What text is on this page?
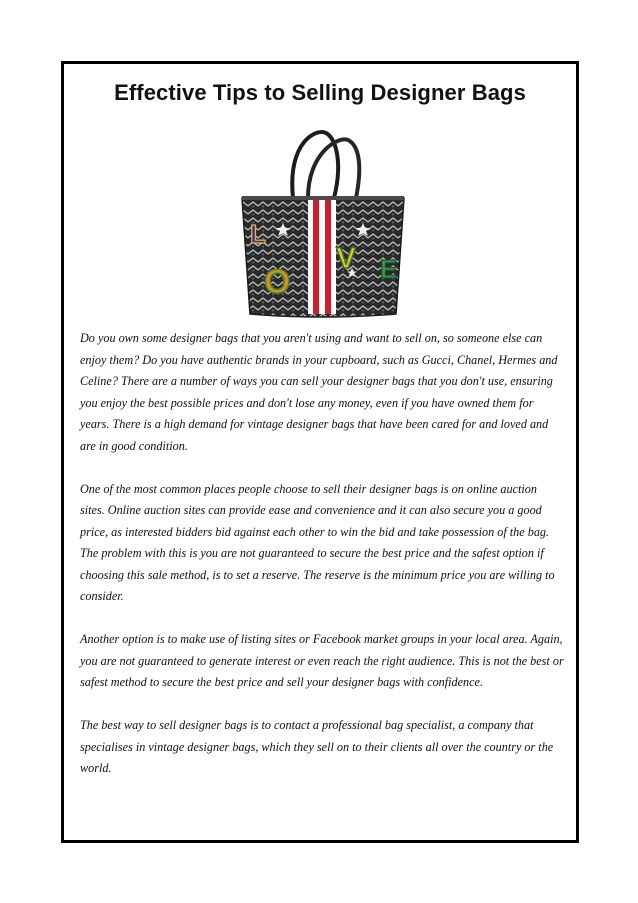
Effective Tips to Selling Designer Bags
L
O
V E

Do you own some designer bags that you aren't using and want to sell on, so someone else can enjoy them? Do you have authentic brands in your cupboard, such as Gucci, Chanel, Hermes and Celine? There are a number of ways you can sell your designer bags that you don't use, ensuring you enjoy the best possible prices and don't lose any money, even if you have owned them for years. There is a high demand for vintage designer bags that have been cared for and loved and are in good condition.

One of the most common places people choose to sell their designer bags is on online auction sites. Online auction sites can provide ease and convenience and it can also secure you a good price, as interested bidders bid against each other to win the bid and take possession of the bag. The problem with this is you are not guaranteed to secure the best price and the safest option if choosing this sale method, is to set a reserve. The reserve is the minimum price you are willing to consider.

Another option is to make use of listing sites or Facebook market groups in your local area. Again, you are not guaranteed to generate interest or even reach the right audience. This is not the best or safest method to secure the best price and sell your designer bags with confidence.

The best way to sell designer bags is to contact a professional bag specialist, a company that specialises in vintage designer bags, which they sell on to their clients all over the country or the world.
